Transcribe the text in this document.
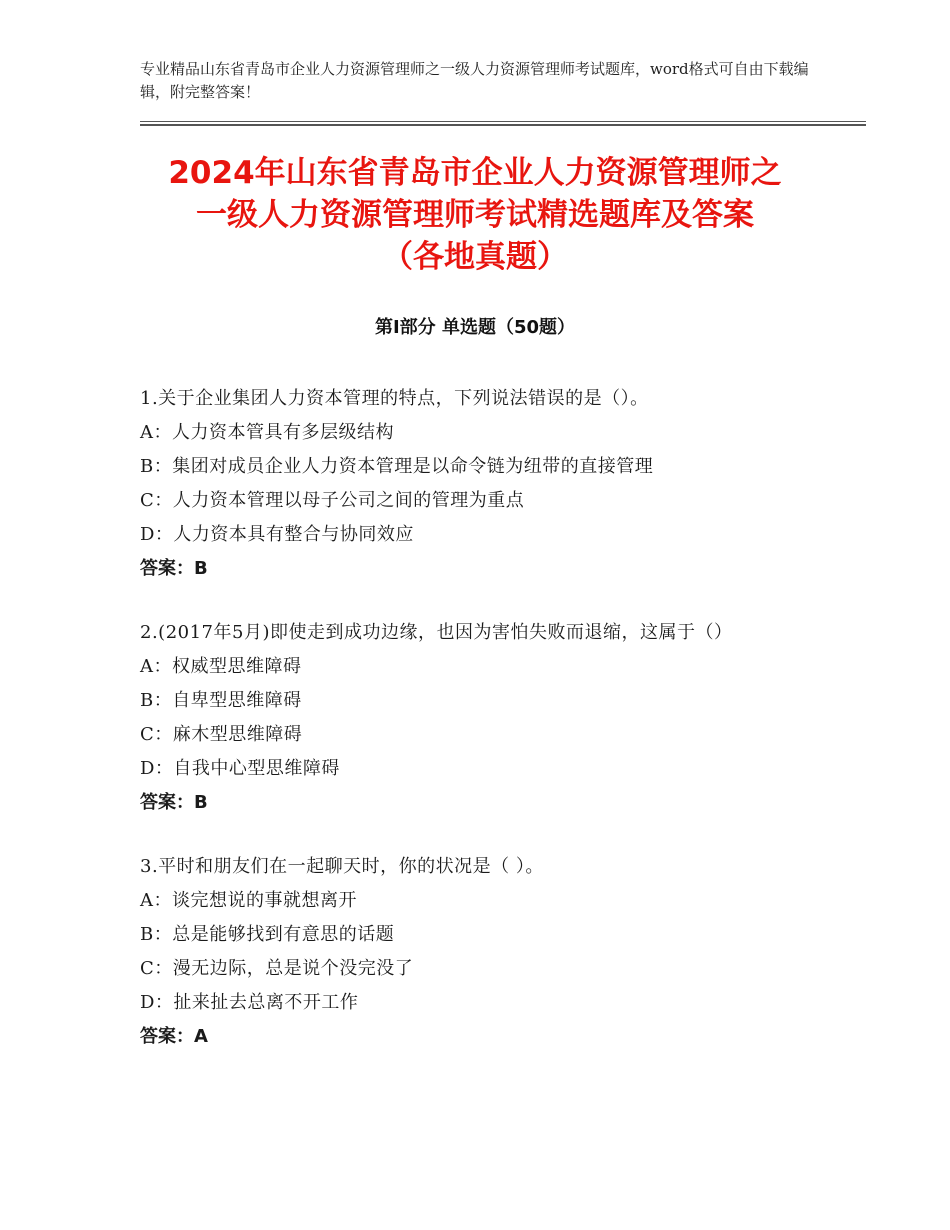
专业精品山东省青岛市企业人力资源管理师之一级人力资源管理师考试题库，word格式可自由下载编辑，附完整答案！
2024年山东省青岛市企业人力资源管理师之
一级人力资源管理师考试精选题库及答案
（各地真题）
第Ⅰ部分 单选题（50题）
1.关于企业集团人力资本管理的特点，下列说法错误的是（）。
A：人力资本管具有多层级结构
B：集团对成员企业人力资本管理是以命令链为纽带的直接管理
C：人力资本管理以母子公司之间的管理为重点
D：人力资本具有整合与协同效应
答案：B
2.(2017年5月)即使走到成功边缘，也因为害怕失败而退缩，这属于（）
A：权威型思维障碍
B：自卑型思维障碍
C：麻木型思维障碍
D：自我中心型思维障碍
答案：B
3.平时和朋友们在一起聊天时，你的状况是（ ）。
A：谈完想说的事就想离开
B：总是能够找到有意思的话题
C：漫无边际，总是说个没完没了
D：扯来扯去总离不开工作
答案：A
